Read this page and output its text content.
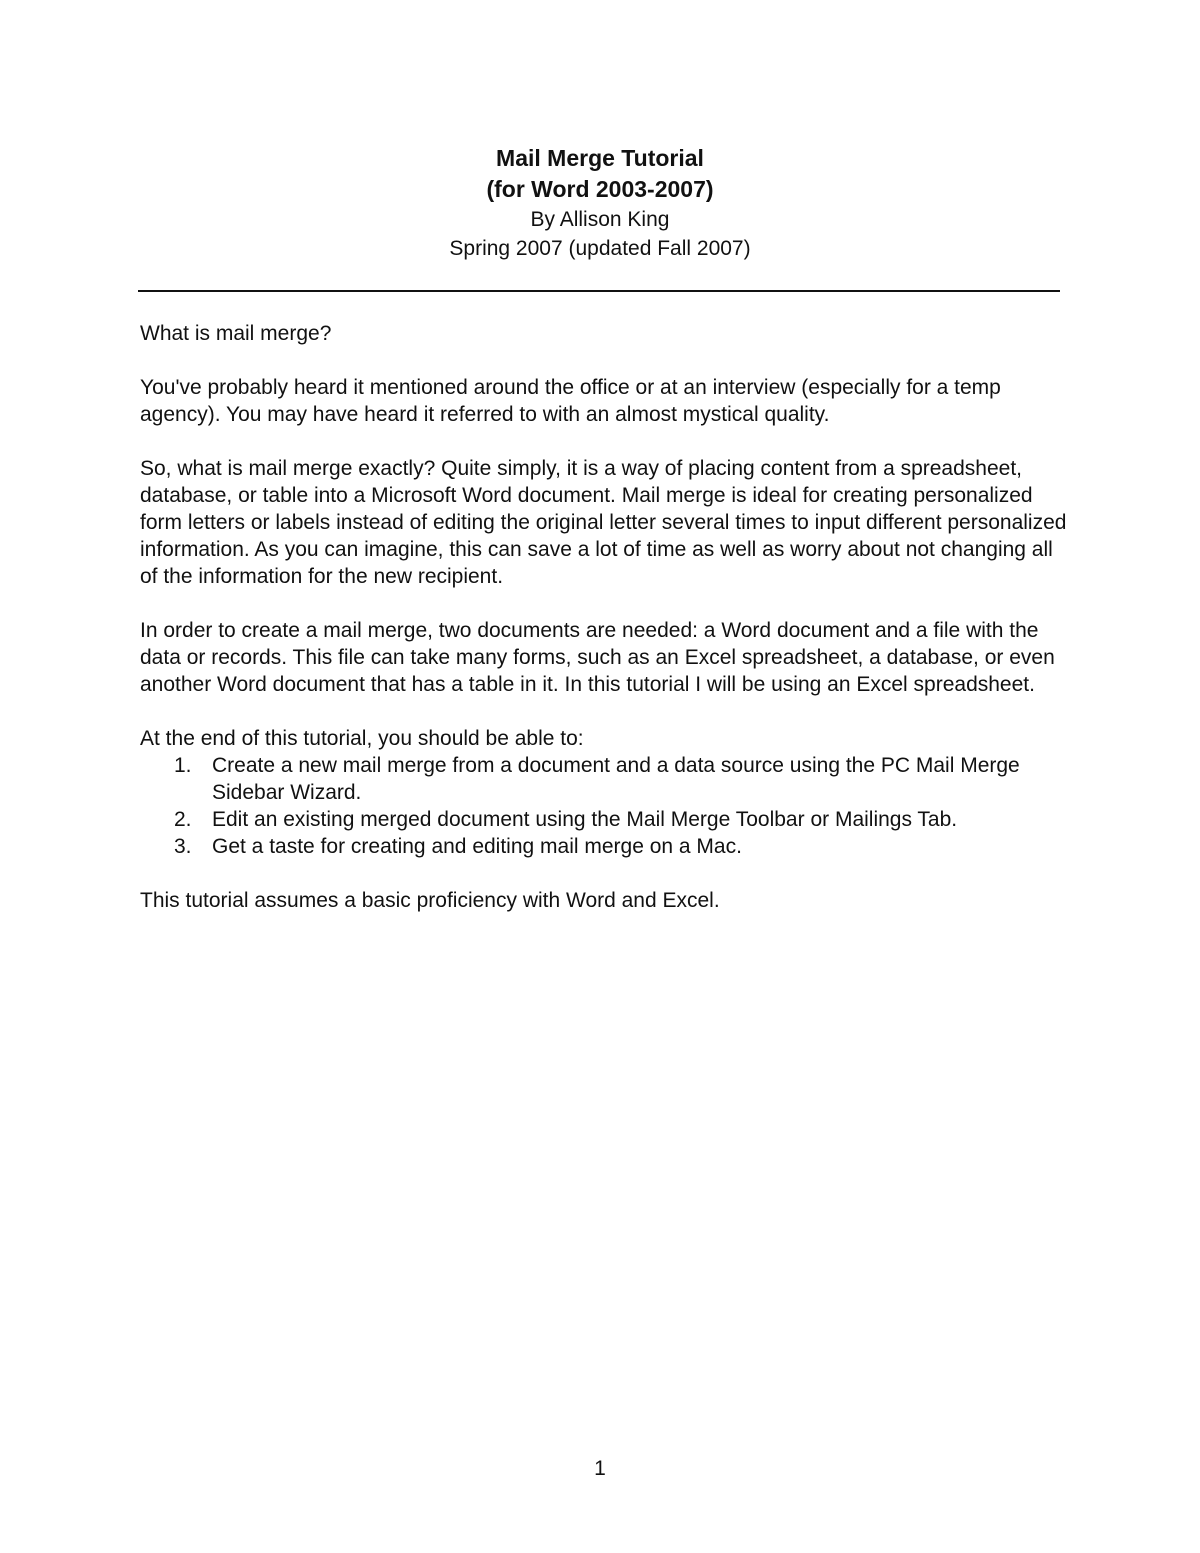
Mail Merge Tutorial

(for Word 2003-2007)

By Allison King

Spring 2007 (updated Fall 2007)

What is mail merge?

You've probably heard it mentioned around the office or at an interview (especially for a temp agency). You may have heard it referred to with an almost mystical quality.

So, what is mail merge exactly? Quite simply, it is a way of placing content from a spreadsheet, database, or table into a Microsoft Word document. Mail merge is ideal for creating personalized form letters or labels instead of editing the original letter several times to input different personalized information. As you can imagine, this can save a lot of time as well as worry about not changing all of the information for the new recipient.

In order to create a mail merge, two documents are needed: a Word document and a file with the data or records. This file can take many forms, such as an Excel spreadsheet, a database, or even another Word document that has a table in it. In this tutorial I will be using an Excel spreadsheet.

At the end of this tutorial, you should be able to:

1. Create a new mail merge from a document and a data source using the PC Mail Merge Sidebar Wizard.
2. Edit an existing merged document using the Mail Merge Toolbar or Mailings Tab.
3. Get a taste for creating and editing mail merge on a Mac.

This tutorial assumes a basic proficiency with Word and Excel.

1
